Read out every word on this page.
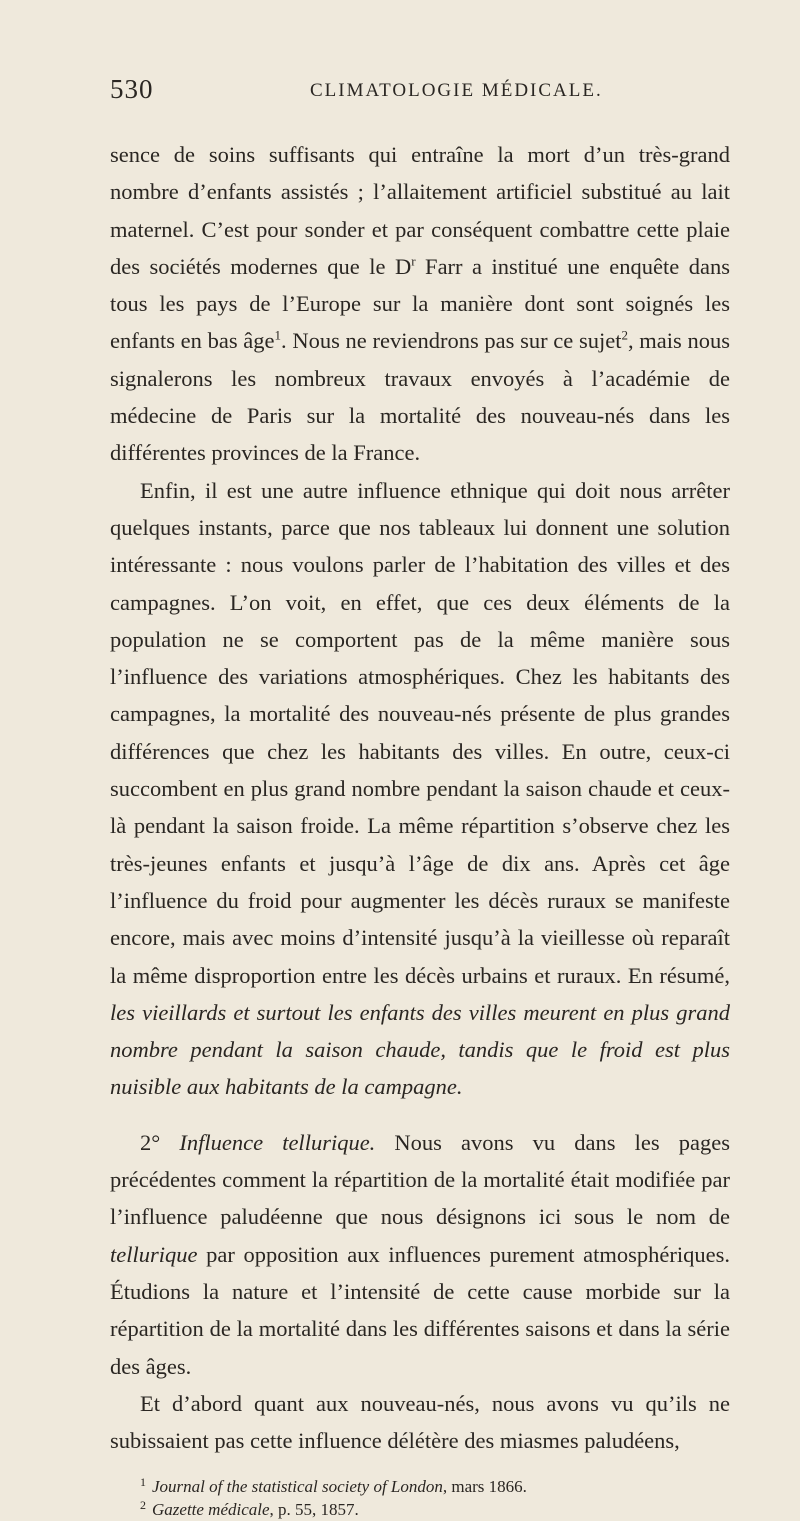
530	CLIMATOLOGIE MÉDICALE.

sence de soins suffisants qui entraîne la mort d’un très-grand nombre d’enfants assistés ; l’allaitement artificiel substitué au lait maternel. C’est pour sonder et par conséquent combattre cette plaie des sociétés modernes que le $D^r$ Farr a institué une enquête dans tous les pays de l’Europe sur la manière dont sont soignés les enfants en bas âge$^1$. Nous ne reviendrons pas sur ce sujet$^2$, mais nous signalerons les nombreux travaux envoyés à l’académie de médecine de Paris sur la mortalité des nouveau-nés dans les différentes provinces de la France.

Enfin, il est une autre influence ethnique qui doit nous arrêter quelques instants, parce que nos tableaux lui donnent une solution intéressante : nous voulons parler de l’habitation des villes et des campagnes. L’on voit, en effet, que ces deux éléments de la population ne se comportent pas de la même manière sous l’influence des variations atmosphériques. Chez les habitants des campagnes, la mortalité des nouveau-nés présente de plus grandes différences que chez les habitants des villes. En outre, ceux-ci succombent en plus grand nombre pendant la saison chaude et ceux-là pendant la saison froide. La même répartition s’observe chez les très-jeunes enfants et jusqu’à l’âge de dix ans. Après cet âge l’influence du froid pour augmenter les décès ruraux se manifeste encore, mais avec moins d’intensité jusqu’à la vieillesse où reparaît la même disproportion entre les décès urbains et ruraux. En résumé, les vieillards et surtout les enfants des villes meurent en plus grand nombre pendant la saison chaude, tandis que le froid est plus nuisible aux habitants de la campagne.

2° Influence tellurique. Nous avons vu dans les pages précédentes comment la répartition de la mortalité était modifiée par l’influence paludéenne que nous désignons ici sous le nom de tellurique par opposition aux influences purement atmosphériques. Étudions la nature et l’intensité de cette cause morbide sur la répartition de la mortalité dans les différentes saisons et dans la série des âges.

Et d’abord quant aux nouveau-nés, nous avons vu qu’ils ne subissaient pas cette influence délétère des miasmes paludéens,

$^1$ Journal of the statistical society of London, mars 1866.
$^2$ Gazette médicale, p. 55, 1857.
